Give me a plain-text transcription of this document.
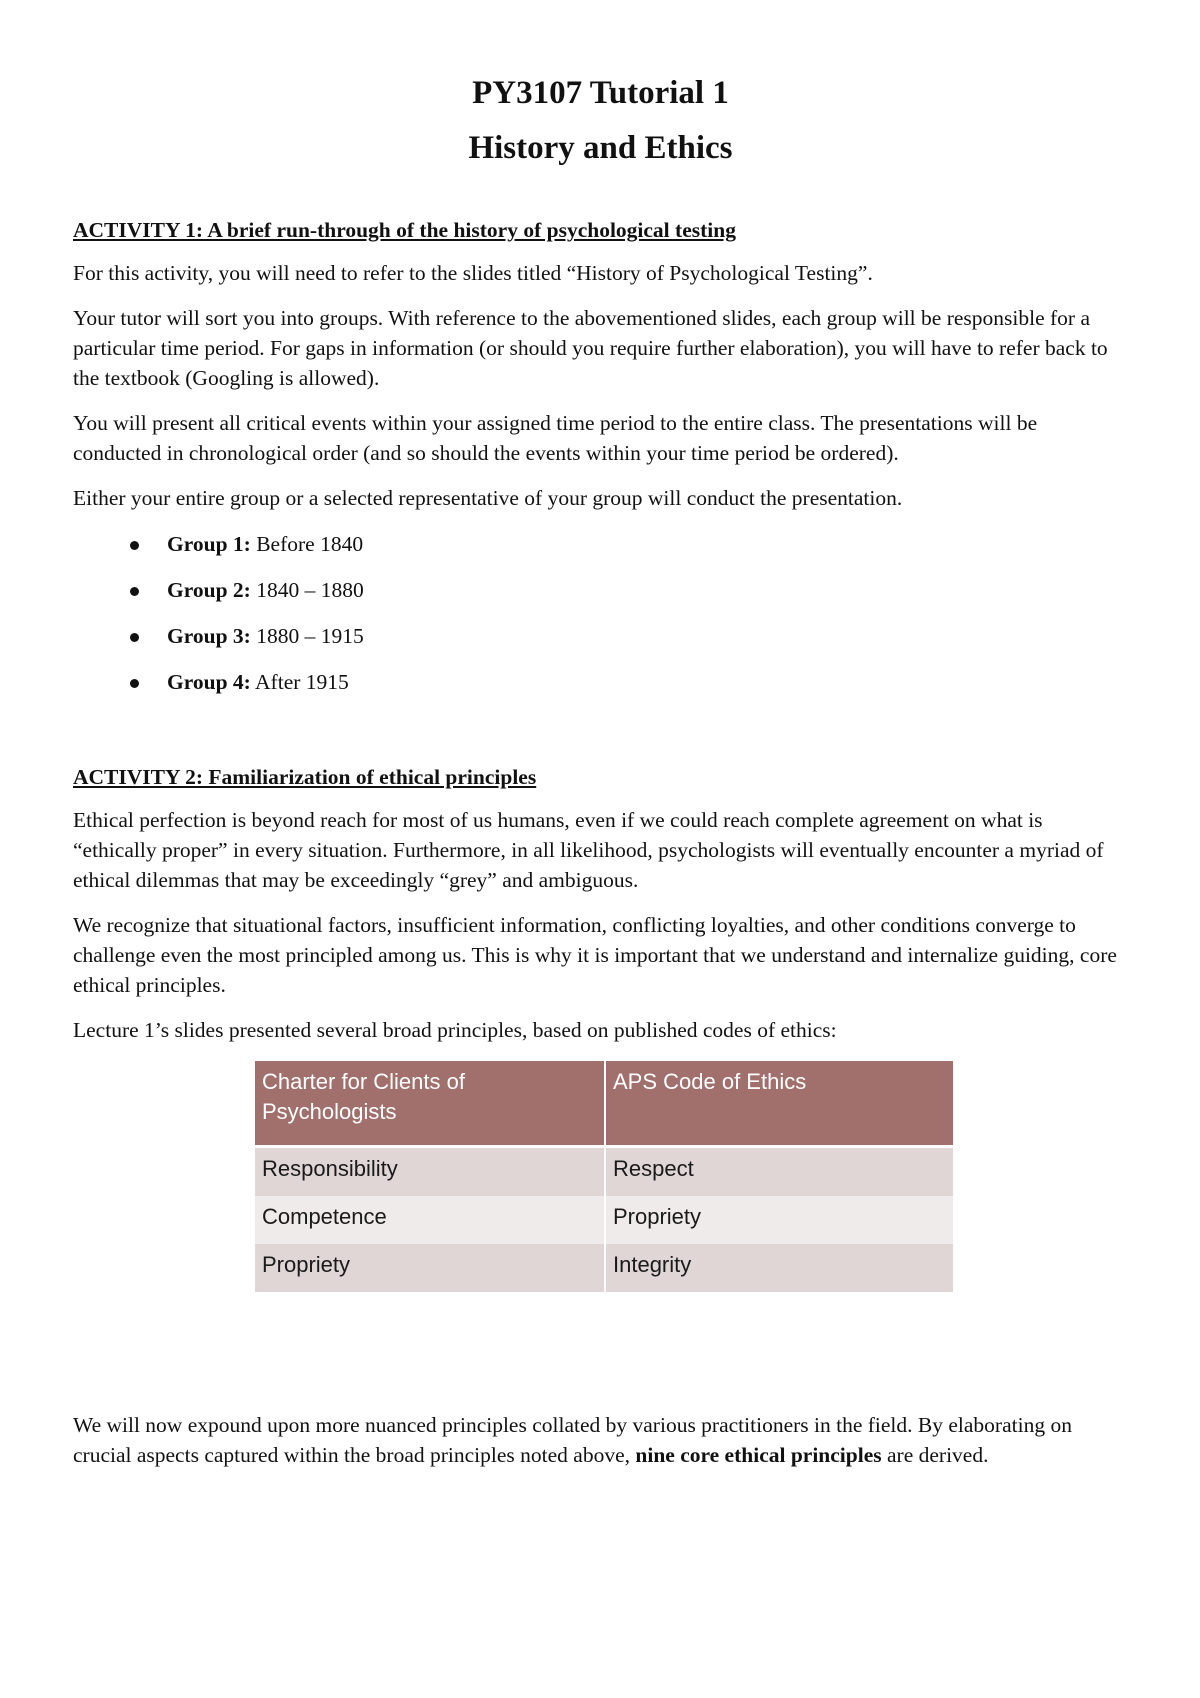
PY3107 Tutorial 1
History and Ethics

ACTIVITY 1: A brief run-through of the history of psychological testing

For this activity, you will need to refer to the slides titled “History of Psychological Testing”.

Your tutor will sort you into groups. With reference to the abovementioned slides, each group will be responsible for a particular time period. For gaps in information (or should you require further elaboration), you will have to refer back to the textbook (Googling is allowed).

You will present all critical events within your assigned time period to the entire class. The presentations will be conducted in chronological order (and so should the events within your time period be ordered).

Either your entire group or a selected representative of your group will conduct the presentation.

Group 1: Before 1840
Group 2: 1840 – 1880
Group 3: 1880 – 1915
Group 4: After 1915

ACTIVITY 2: Familiarization of ethical principles

Ethical perfection is beyond reach for most of us humans, even if we could reach complete agreement on what is “ethically proper” in every situation. Furthermore, in all likelihood, psychologists will eventually encounter a myriad of ethical dilemmas that may be exceedingly “grey” and ambiguous.

We recognize that situational factors, insufficient information, conflicting loyalties, and other conditions converge to challenge even the most principled among us. This is why it is important that we understand and internalize guiding, core ethical principles.

Lecture 1’s slides presented several broad principles, based on published codes of ethics:

Charter for Clients of Psychologists	APS Code of Ethics
Responsibility	Respect
Competence	Propriety
Propriety	Integrity

We will now expound upon more nuanced principles collated by various practitioners in the field. By elaborating on crucial aspects captured within the broad principles noted above, nine core ethical principles are derived.
